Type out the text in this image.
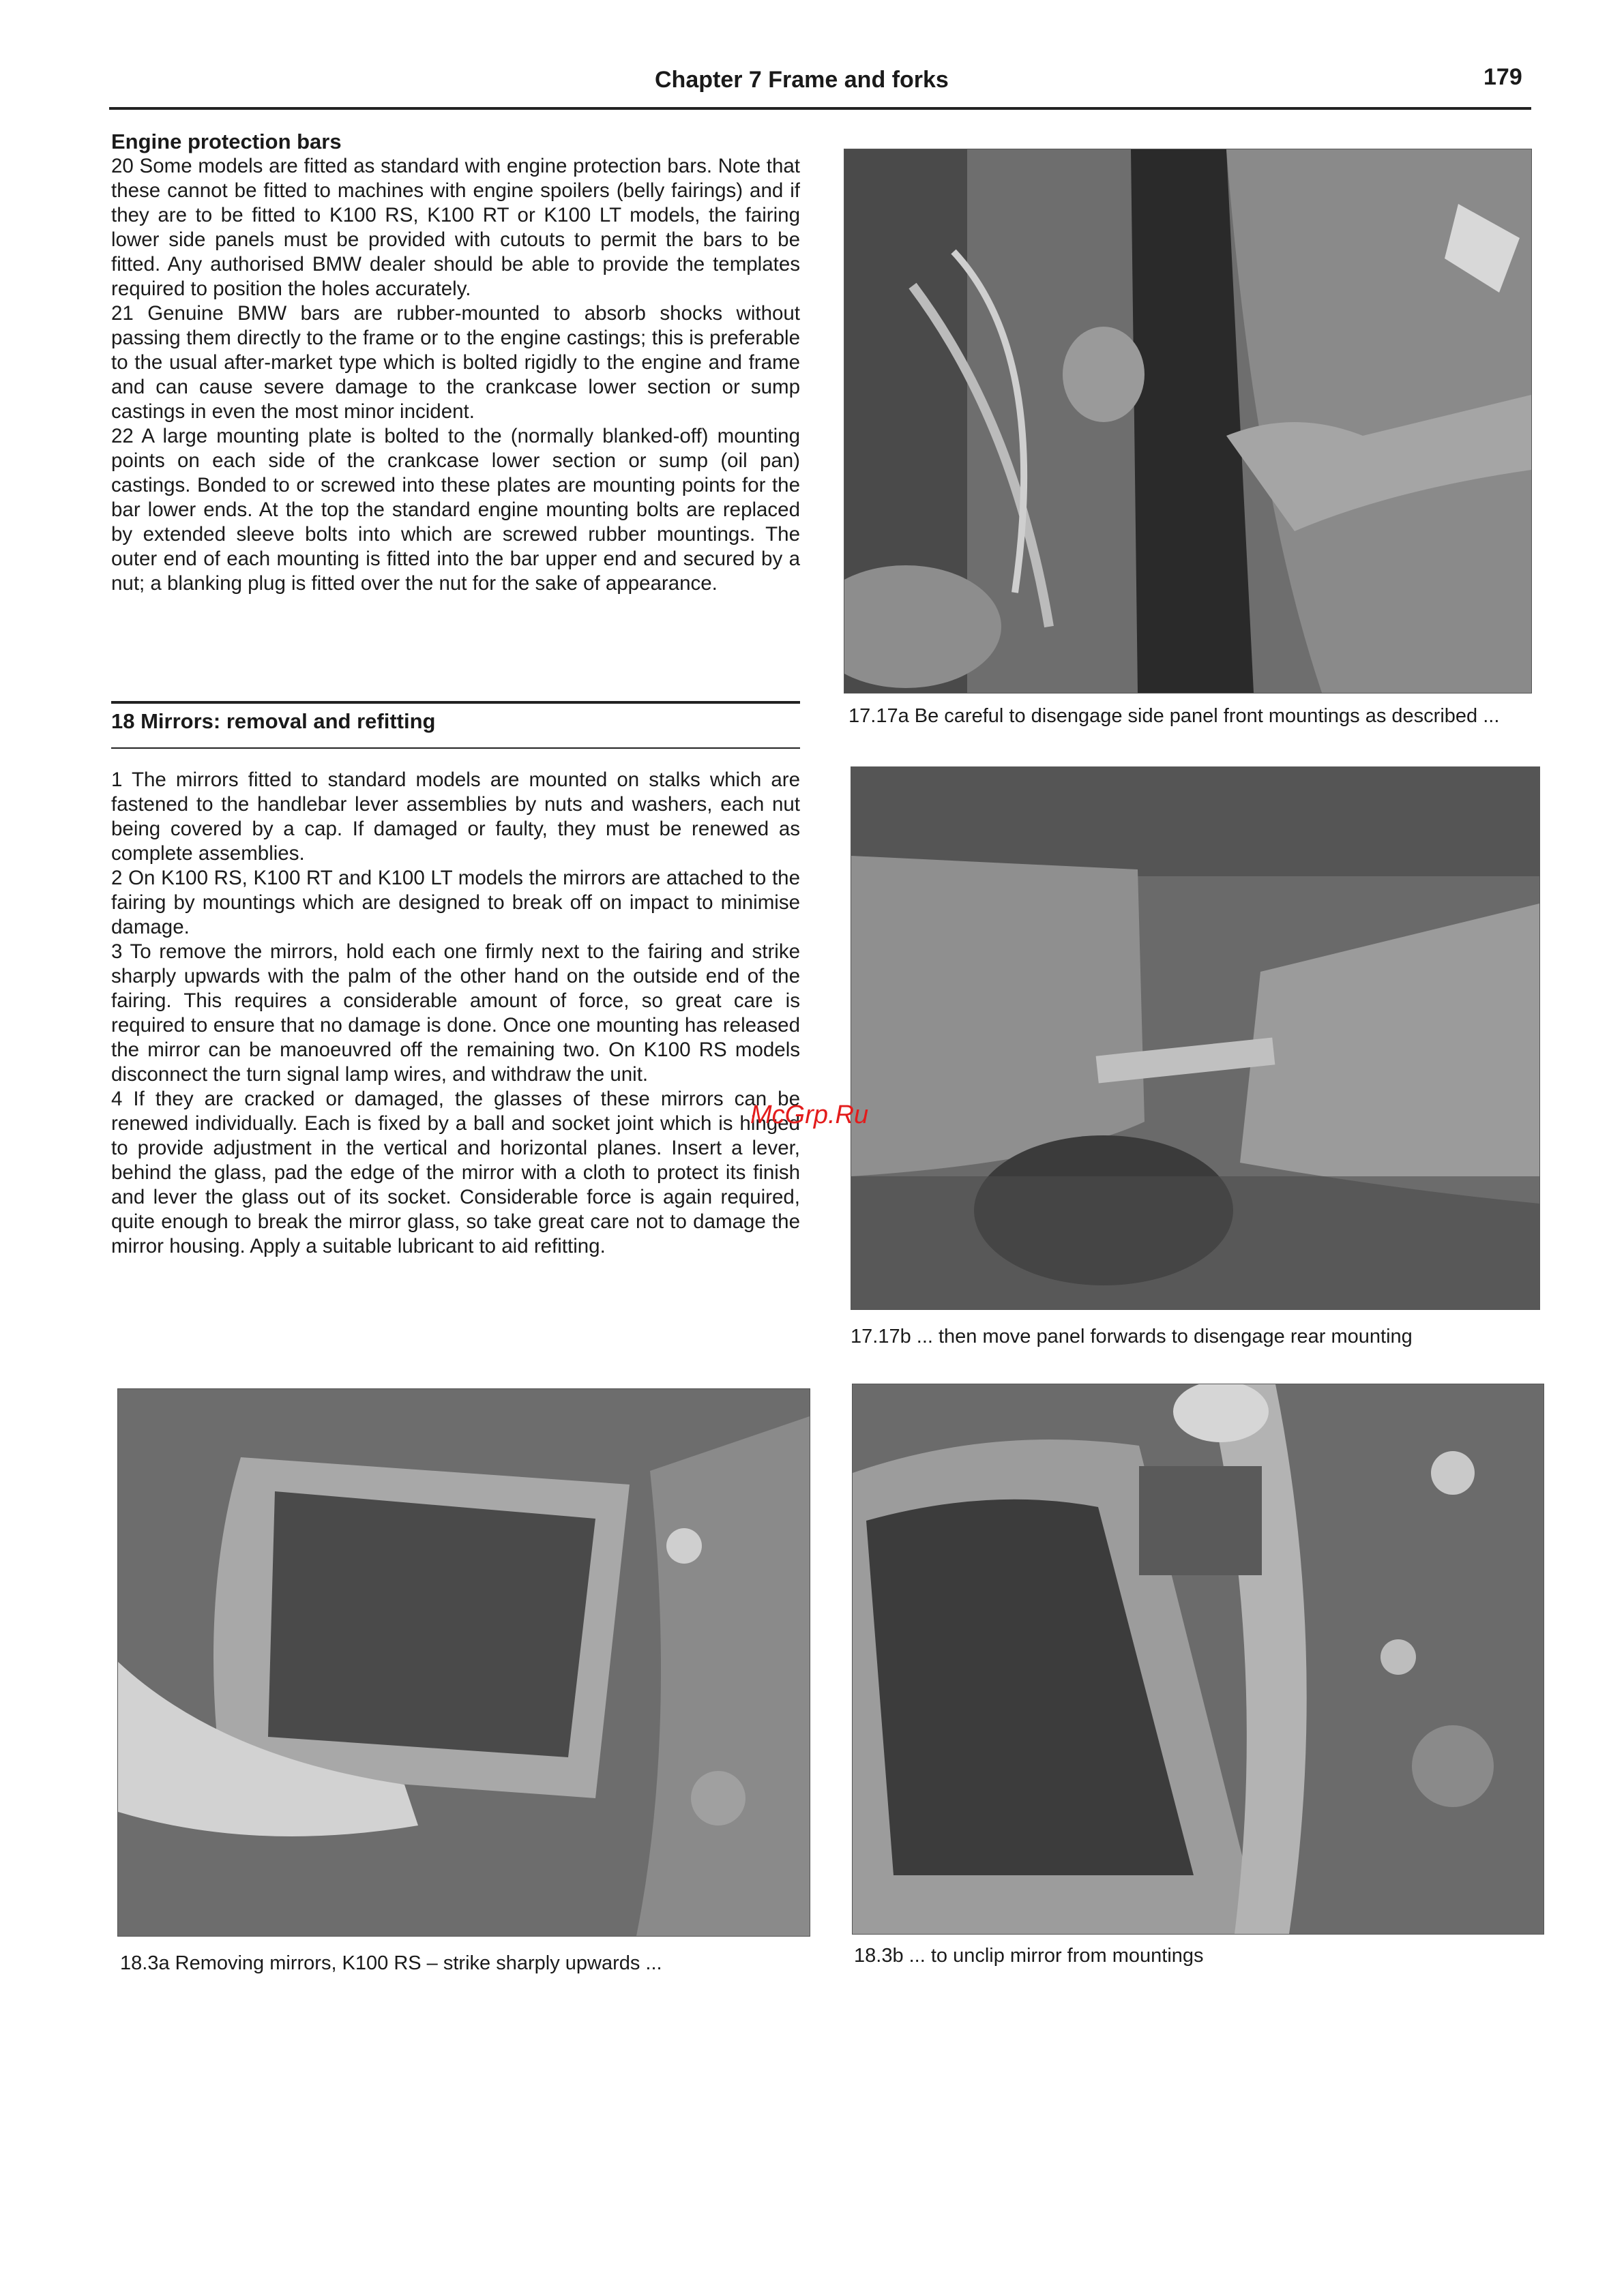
Chapter 7 Frame and forks	179

Engine protection bars

20 Some models are fitted as standard with engine protection bars. Note that these cannot be fitted to machines with engine spoilers (belly fairings) and if they are to be fitted to K100 RS, K100 RT or K100 LT models, the fairing lower side panels must be provided with cutouts to permit the bars to be fitted. Any authorised BMW dealer should be able to provide the templates required to position the holes accurately.

21 Genuine BMW bars are rubber-mounted to absorb shocks without passing them directly to the frame or to the engine castings; this is preferable to the usual after-market type which is bolted rigidly to the engine and frame and can cause severe damage to the crankcase lower section or sump castings in even the most minor incident.

22 A large mounting plate is bolted to the (normally blanked-off) mounting points on each side of the crankcase lower section or sump (oil pan) castings. Bonded to or screwed into these plates are mounting points for the bar lower ends. At the top the standard engine mounting bolts are replaced by extended sleeve bolts into which are screwed rubber mountings. The outer end of each mounting is fitted into the bar upper end and secured by a nut; a blanking plug is fitted over the nut for the sake of appearance.

18 Mirrors: removal and refitting

1 The mirrors fitted to standard models are mounted on stalks which are fastened to the handlebar lever assemblies by nuts and washers, each nut being covered by a cap. If damaged or faulty, they must be renewed as complete assemblies.

2 On K100 RS, K100 RT and K100 LT models the mirrors are attached to the fairing by mountings which are designed to break off on impact to minimise damage.

3 To remove the mirrors, hold each one firmly next to the fairing and strike sharply upwards with the palm of the other hand on the outside end of the fairing. This requires a considerable amount of force, so great care is required to ensure that no damage is done. Once one mounting has released the mirror can be manoeuvred off the remaining two. On K100 RS models disconnect the turn signal lamp wires, and withdraw the unit.

4 If they are cracked or damaged, the glasses of these mirrors can be renewed individually. Each is fixed by a ball and socket joint which is hinged to provide adjustment in the vertical and horizontal planes. Insert a lever, behind the glass, pad the edge of the mirror with a cloth to protect its finish and lever the glass out of its socket. Considerable force is again required, quite enough to break the mirror glass, so take great care not to damage the mirror housing. Apply a suitable lubricant to aid refitting.

17.17a Be careful to disengage side panel front mountings as described ...
17.17b ... then move panel forwards to disengage rear mounting
18.3a Removing mirrors, K100 RS – strike sharply upwards ...	18.3b ... to unclip mirror from mountings
McGrp.Ru
